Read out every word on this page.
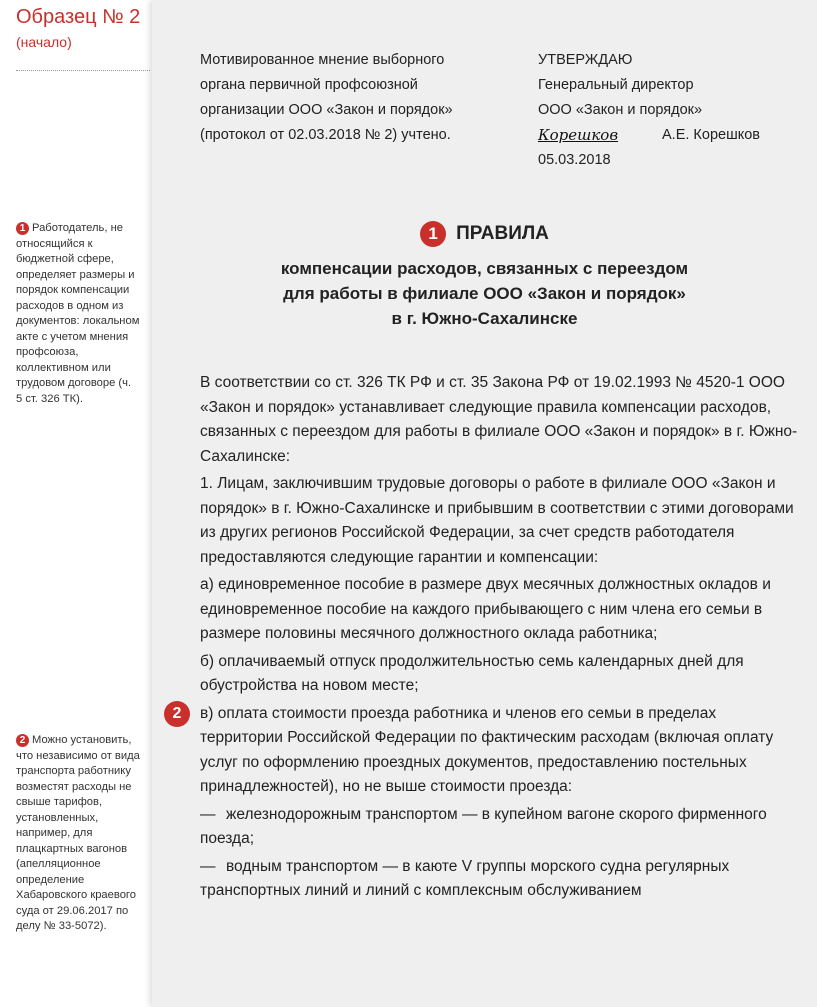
Образец № 2
(начало)
1 Работодатель, не относящийся к бюджетной сфере, определяет размеры и порядок компенсации расходов в одном из документов: локальном акте с учетом мнения профсоюза, коллективном или трудовом договоре (ч. 5 ст. 326 ТК).
2 Можно установить, что независимо от вида транспорта работнику возместят расходы не свыше тарифов, установленных, например, для плацкартных вагонов (апелляционное определение Хабаровского краевого суда от 29.06.2017 по делу № 33-5072).
Мотивированное мнение выборного
органа первичной профсоюзной
организации ООО «Закон и порядок»
(протокол от 02.03.2018 № 2) учтено.
УТВЕРЖДАЮ
Генеральный директор
ООО «Закон и порядок»
Корешков	А.Е. Корешков
05.03.2018
1 ПРАВИЛА
компенсации расходов, связанных с переездом
для работы в филиале ООО «Закон и порядок»
в г. Южно-Сахалинске

В соответствии со ст. 326 ТК РФ и ст. 35 Закона РФ от 19.02.1993 № 4520-1 ООО «Закон и порядок» устанавливает следующие правила компенсации расходов, связанных с переездом для работы в филиале ООО «Закон и порядок» в г. Южно-Сахалинске:

1. Лицам, заключившим трудовые договоры о работе в филиале ООО «Закон и порядок» в г. Южно-Сахалинске и прибывшим в соответствии с этими договорами из других регионов Российской Федерации, за счет средств работодателя предоставляются следующие гарантии и компенсации:

а) единовременное пособие в размере двух месячных должностных окладов и единовременное пособие на каждого прибывающего с ним члена его семьи в размере половины месячного должностного оклада работника;

б) оплачиваемый отпуск продолжительностью семь календарных дней для обустройства на новом месте;

2	в) оплата стоимости проезда работника и членов его семьи в пределах территории Российской Федерации по фактическим расходам (включая оплату услуг по оформлению проездных документов, предоставлению постельных принадлежностей), но не выше стоимости проезда:

— железнодорожным транспортом — в купейном вагоне скорого фирменного поезда;

— водным транспортом — в каюте V группы морского судна регулярных транспортных линий и линий с комплексным обслуживанием
